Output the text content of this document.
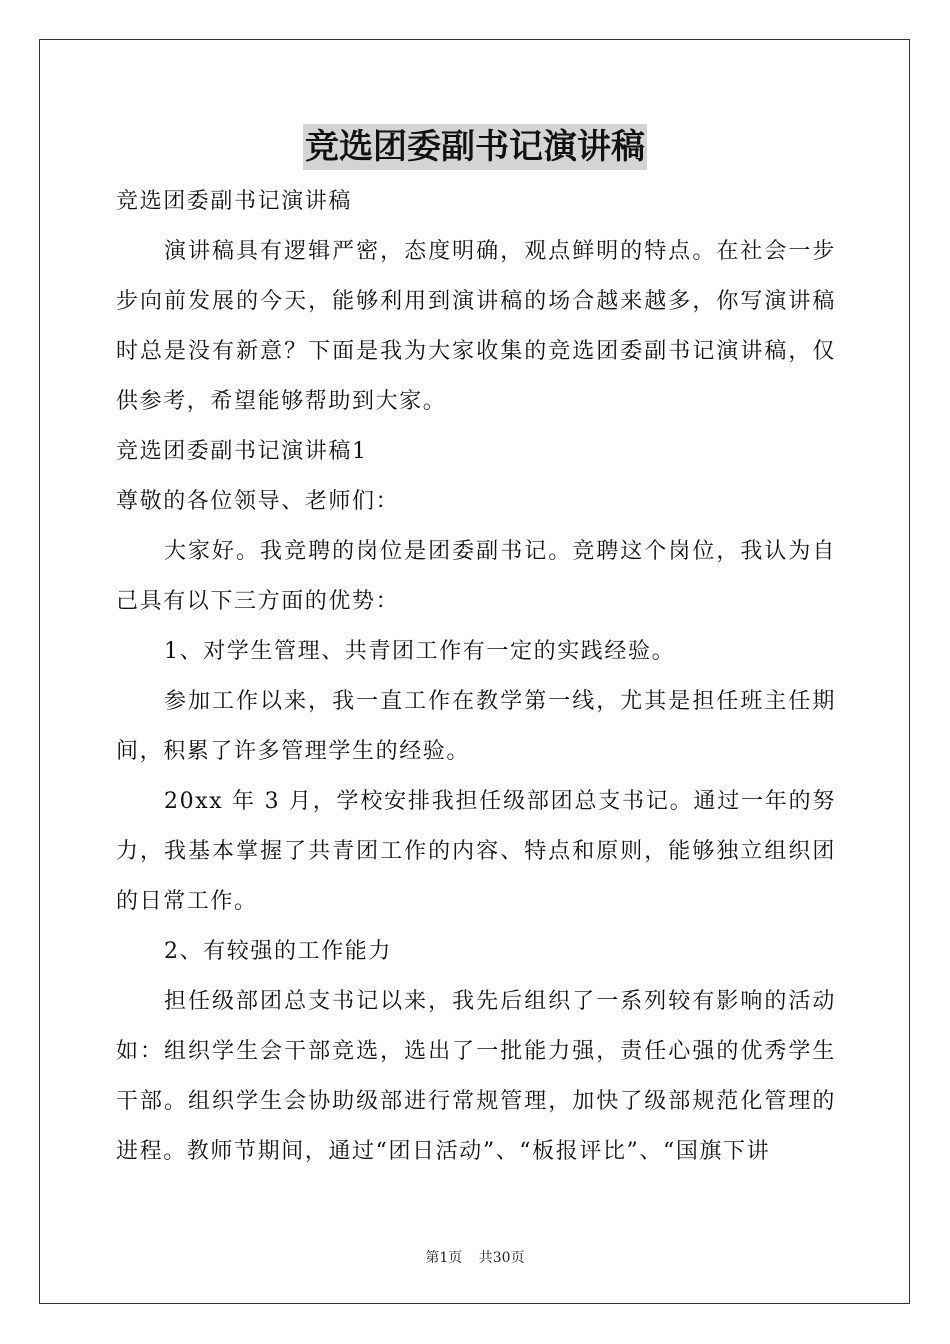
竞选团委副书记演讲稿

竞选团委副书记演讲稿

演讲稿具有逻辑严密，态度明确，观点鲜明的特点。在社会一步步向前发展的今天，能够利用到演讲稿的场合越来越多，你写演讲稿时总是没有新意？下面是我为大家收集的竞选团委副书记演讲稿，仅供参考，希望能够帮助到大家。

竞选团委副书记演讲稿1

尊敬的各位领导、老师们：

大家好。我竞聘的岗位是团委副书记。竞聘这个岗位，我认为自己具有以下三方面的优势：

1、对学生管理、共青团工作有一定的实践经验。

参加工作以来，我一直工作在教学第一线，尤其是担任班主任期间，积累了许多管理学生的经验。

20xx 年 3 月，学校安排我担任级部团总支书记。通过一年的努力，我基本掌握了共青团工作的内容、特点和原则，能够独立组织团的日常工作。

2、有较强的工作能力

担任级部团总支书记以来，我先后组织了一系列较有影响的活动如：组织学生会干部竞选，选出了一批能力强，责任心强的优秀学生干部。组织学生会协助级部进行常规管理，加快了级部规范化管理的进程。教师节期间，通过“团日活动”、“板报评比”、“国旗下讲

第1页 共30页
